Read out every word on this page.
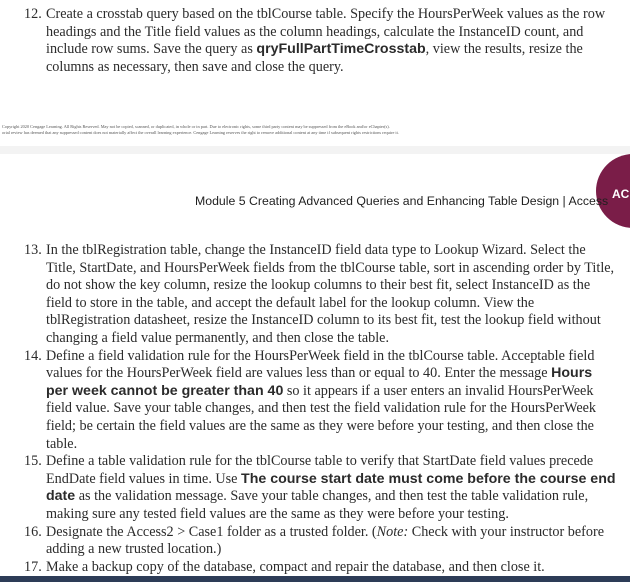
12. Create a crosstab query based on the tblCourse table. Specify the HoursPerWeek values as the row headings and the Title field values as the column headings, calculate the InstanceID count, and include row sums. Save the query as qryFullPartTimeCrosstab, view the results, resize the columns as necessary, then save and close the query.

Copyright 2020 Cengage Learning. All Rights Reserved. May not be copied, scanned, or duplicated, in whole or in part. Due to electronic rights, some third party content may be suppressed from the eBook and/or eChapter(s).
orial review has deemed that any suppressed content does not materially affect the overall learning experience. Cengage Learning reserves the right to remove additional content at any time if subsequent rights restrictions require it.
AC
Module 5 Creating Advanced Queries and Enhancing Table Design | Access

13. In the tblRegistration table, change the InstanceID field data type to Lookup Wizard. Select the Title, StartDate, and HoursPerWeek fields from the tblCourse table, sort in ascending order by Title, do not show the key column, resize the lookup columns to their best fit, select InstanceID as the field to store in the table, and accept the default label for the lookup column. View the tblRegistration datasheet, resize the InstanceID column to its best fit, test the lookup field without changing a field value permanently, and then close the table.

14. Define a field validation rule for the HoursPerWeek field in the tblCourse table. Acceptable field values for the HoursPerWeek field are values less than or equal to 40. Enter the message Hours per week cannot be greater than 40 so it appears if a user enters an invalid HoursPerWeek field value. Save your table changes, and then test the field validation rule for the HoursPerWeek field; be certain the field values are the same as they were before your testing, and then close the table.

15. Define a table validation rule for the tblCourse table to verify that StartDate field values precede EndDate field values in time. Use The course start date must come before the course end date as the validation message. Save your table changes, and then test the table validation rule, making sure any tested field values are the same as they were before your testing.

16. Designate the Access2 > Case1 folder as a trusted folder. (Note: Check with your instructor before adding a new trusted location.)

17. Make a backup copy of the database, compact and repair the database, and then close it.
